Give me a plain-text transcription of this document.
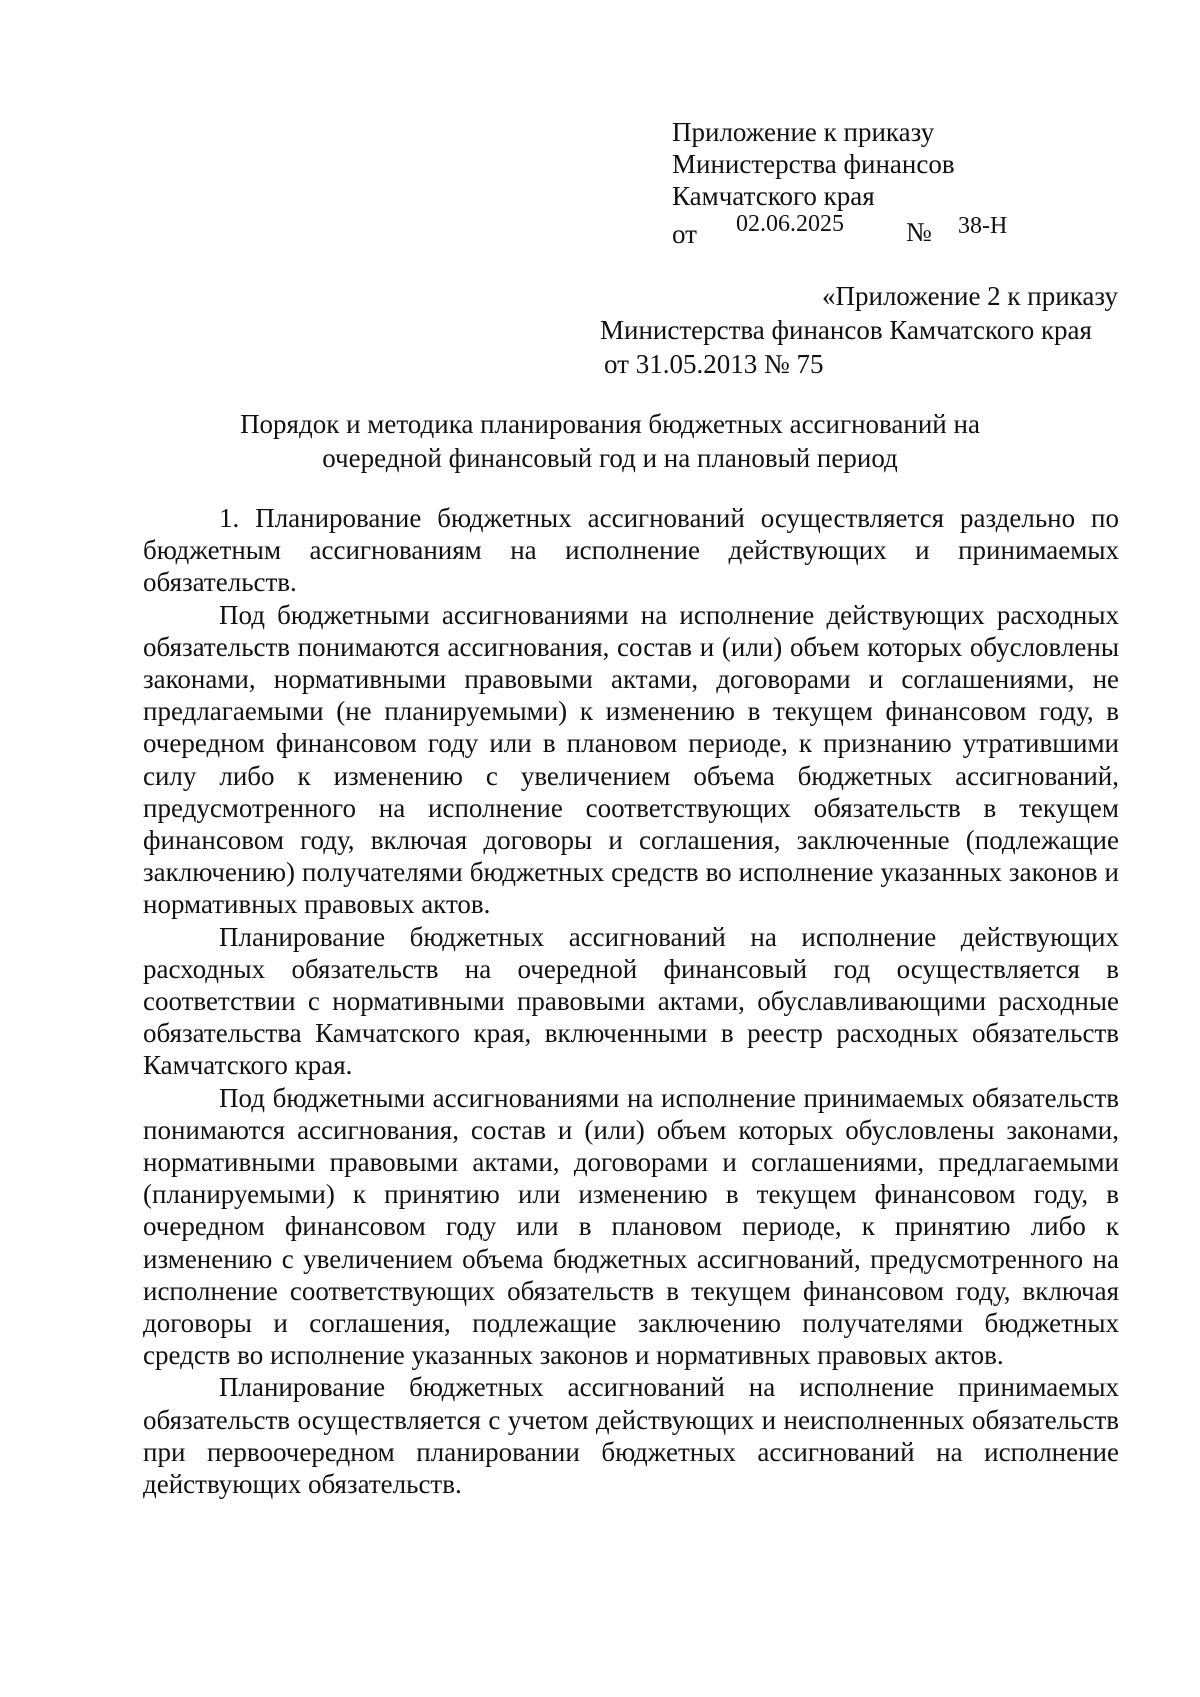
Приложение к приказу
Министерства финансов
Камчатского края
от 02.06.2025 № 38-Н
«Приложение 2 к приказу
Министерства финансов Камчатского края
от 31.05.2013 № 75
Порядок и методика планирования бюджетных ассигнований на
очередной финансовый год и на плановый период

1. Планирование бюджетных ассигнований осуществляется раздельно по бюджетным ассигнованиям на исполнение действующих и принимаемых обязательств.

Под бюджетными ассигнованиями на исполнение действующих расходных обязательств понимаются ассигнования, состав и (или) объем которых обусловлены законами, нормативными правовыми актами, договорами и соглашениями, не предлагаемыми (не планируемыми) к изменению в текущем финансовом году, в очередном финансовом году или в плановом периоде, к признанию утратившими силу либо к изменению с увеличением объема бюджетных ассигнований, предусмотренного на исполнение соответствующих обязательств в текущем финансовом году, включая договоры и соглашения, заключенные (подлежащие заключению) получателями бюджетных средств во исполнение указанных законов и нормативных правовых актов.

Планирование бюджетных ассигнований на исполнение действующих расходных обязательств на очередной финансовый год осуществляется в соответствии с нормативными правовыми актами, обуславливающими расходные обязательства Камчатского края, включенными в реестр расходных обязательств Камчатского края.

Под бюджетными ассигнованиями на исполнение принимаемых обязательств понимаются ассигнования, состав и (или) объем которых обусловлены законами, нормативными правовыми актами, договорами и соглашениями, предлагаемыми (планируемыми) к принятию или изменению в текущем финансовом году, в очередном финансовом году или в плановом периоде, к принятию либо к изменению с увеличением объема бюджетных ассигнований, предусмотренного на исполнение соответствующих обязательств в текущем финансовом году, включая договоры и соглашения, подлежащие заключению получателями бюджетных средств во исполнение указанных законов и нормативных правовых актов.

Планирование бюджетных ассигнований на исполнение принимаемых обязательств осуществляется с учетом действующих и неисполненных обязательств при первоочередном планировании бюджетных ассигнований на исполнение действующих обязательств.
